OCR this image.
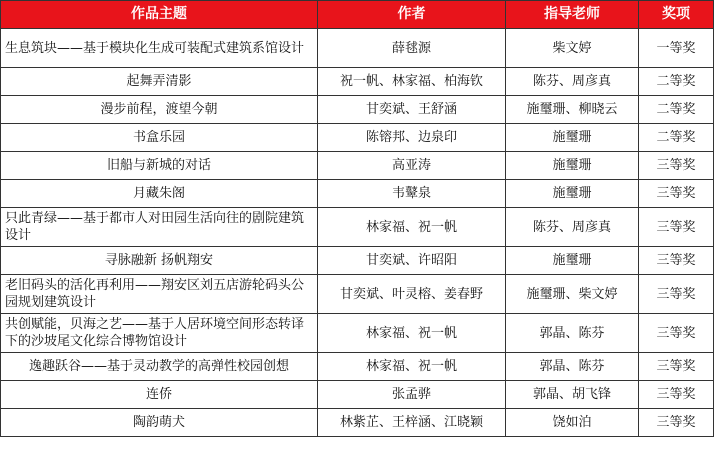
作品主题	作者	指导老师	奖项
生息筑块——基于模块化生成可装配式建筑系馆设计	薛毬源	柴文婷	一等奖
起舞弄清影	祝一帆、林家福、柏海钦	陈芬、周彦真	二等奖
漫步前程，渡望今朝	甘奕斌、王舒涵	施璽珊、柳晓云	二等奖
书盒乐园	陈镕邦、边泉印	施璽珊	二等奖
旧船与新城的对话	高亚涛	施璽珊	三等奖
月藏朱阁	韦鼙泉	施璽珊	三等奖
只此青绿——基于都市人对田园生活向往的剧院建筑设计	林家福、祝一帆	陈芬、周彦真	三等奖
寻脉融新 扬帆翔安	甘奕斌、许昭阳	施璽珊	三等奖
老旧码头的活化再利用——翔安区刘五店游轮码头公园规划建筑设计	甘奕斌、叶灵榕、姜春野	施璽珊、柴文婷	三等奖
共创赋能，贝海之艺——基于人居环境空间形态转译下的沙坡尾文化综合博物馆设计	林家福、祝一帆	郭晶、陈芬	三等奖
逸趣跃谷——基于灵动教学的高弹性校园创想	林家福、祝一帆	郭晶、陈芬	三等奖
连侨	张孟骅	郭晶、胡飞锋	三等奖
陶韵萌犬	林紫芷、王梓涵、江晓颖	饶如泊	三等奖
